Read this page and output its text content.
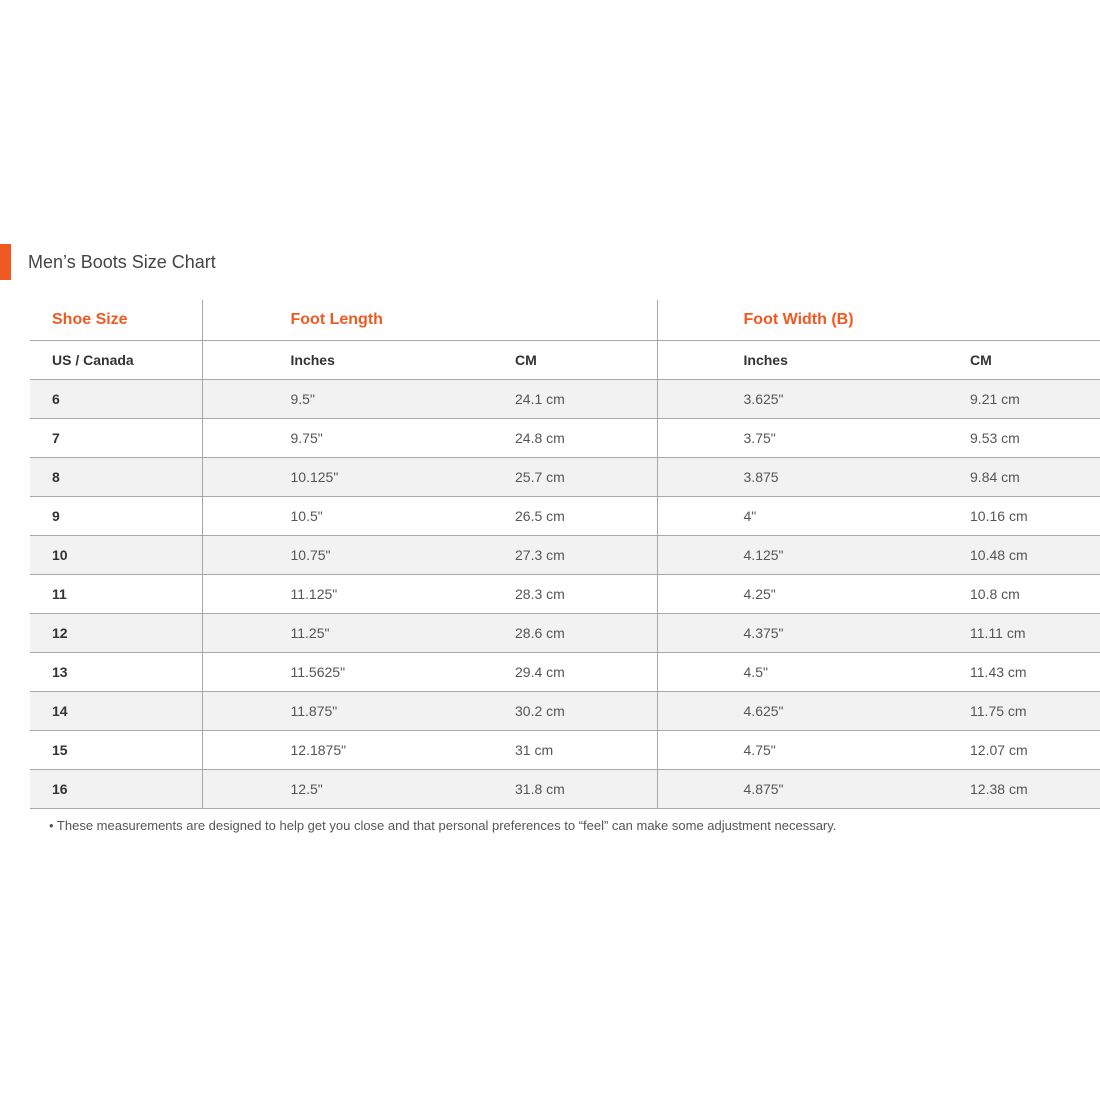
Men’s Boots Size Chart
Shoe Size	Foot Length		Foot Width (B)	
US / Canada	Inches	CM	Inches	CM
6	9.5"	24.1 cm	3.625"	9.21 cm
7	9.75"	24.8 cm	3.75"	9.53 cm
8	10.125"	25.7 cm	3.875	9.84 cm
9	10.5"	26.5 cm	4"	10.16 cm
10	10.75"	27.3 cm	4.125"	10.48 cm
11	11.125"	28.3 cm	4.25"	10.8 cm
12	11.25"	28.6 cm	4.375"	11.11 cm
13	11.5625"	29.4 cm	4.5"	11.43 cm
14	11.875"	30.2 cm	4.625"	11.75 cm
15	12.1875"	31 cm	4.75"	12.07 cm
16	12.5"	31.8 cm	4.875"	12.38 cm
• These measurements are designed to help get you close and that personal preferences to “feel” can make some adjustment necessary.
